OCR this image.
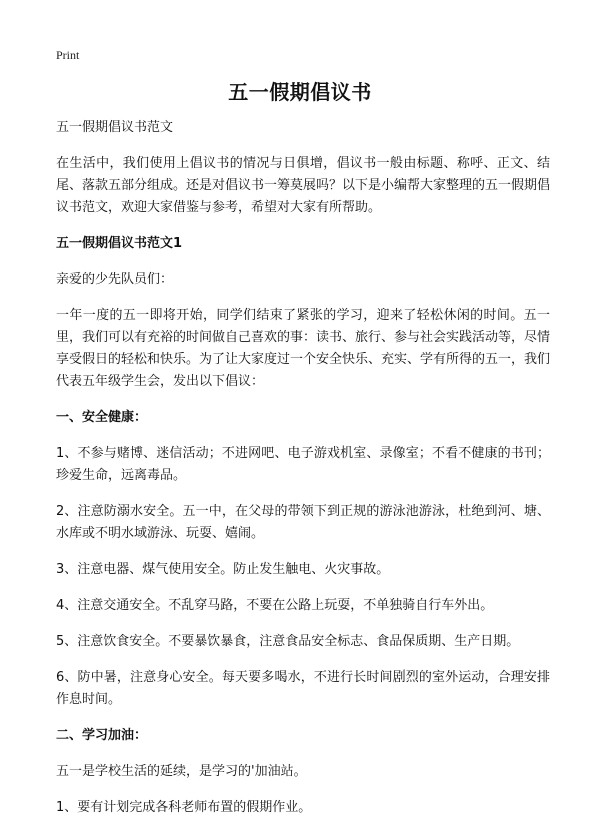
Print
五一假期倡议书

五一假期倡议书范文

在生活中，我们使用上倡议书的情况与日俱增，倡议书一般由标题、称呼、正文、结尾、落款五部分组成。还是对倡议书一筹莫展吗？以下是小编帮大家整理的五一假期倡议书范文，欢迎大家借鉴与参考，希望对大家有所帮助。

五一假期倡议书范文1

亲爱的少先队员们：

一年一度的五一即将开始，同学们结束了紧张的学习，迎来了轻松休闲的时间。五一里，我们可以有充裕的时间做自己喜欢的事：读书、旅行、参与社会实践活动等，尽情享受假日的轻松和快乐。为了让大家度过一个安全快乐、充实、学有所得的五一，我们代表五年级学生会，发出以下倡议：

一、安全健康：

1、不参与赌博、迷信活动；不进网吧、电子游戏机室、录像室；不看不健康的书刊；珍爱生命，远离毒品。

2、注意防溺水安全。五一中，在父母的带领下到正规的游泳池游泳，杜绝到河、塘、水库或不明水域游泳、玩耍、嬉闹。

3、注意电器、煤气使用安全。防止发生触电、火灾事故。

4、注意交通安全。不乱穿马路，不要在公路上玩耍，不单独骑自行车外出。

5、注意饮食安全。不要暴饮暴食，注意食品安全标志、食品保质期、生产日期。

6、防中暑，注意身心安全。每天要多喝水，不进行长时间剧烈的室外运动，合理安排作息时间。

二、学习加油：

五一是学校生活的延续，是学习的'加油站。

1、要有计划完成各科老师布置的假期作业。
